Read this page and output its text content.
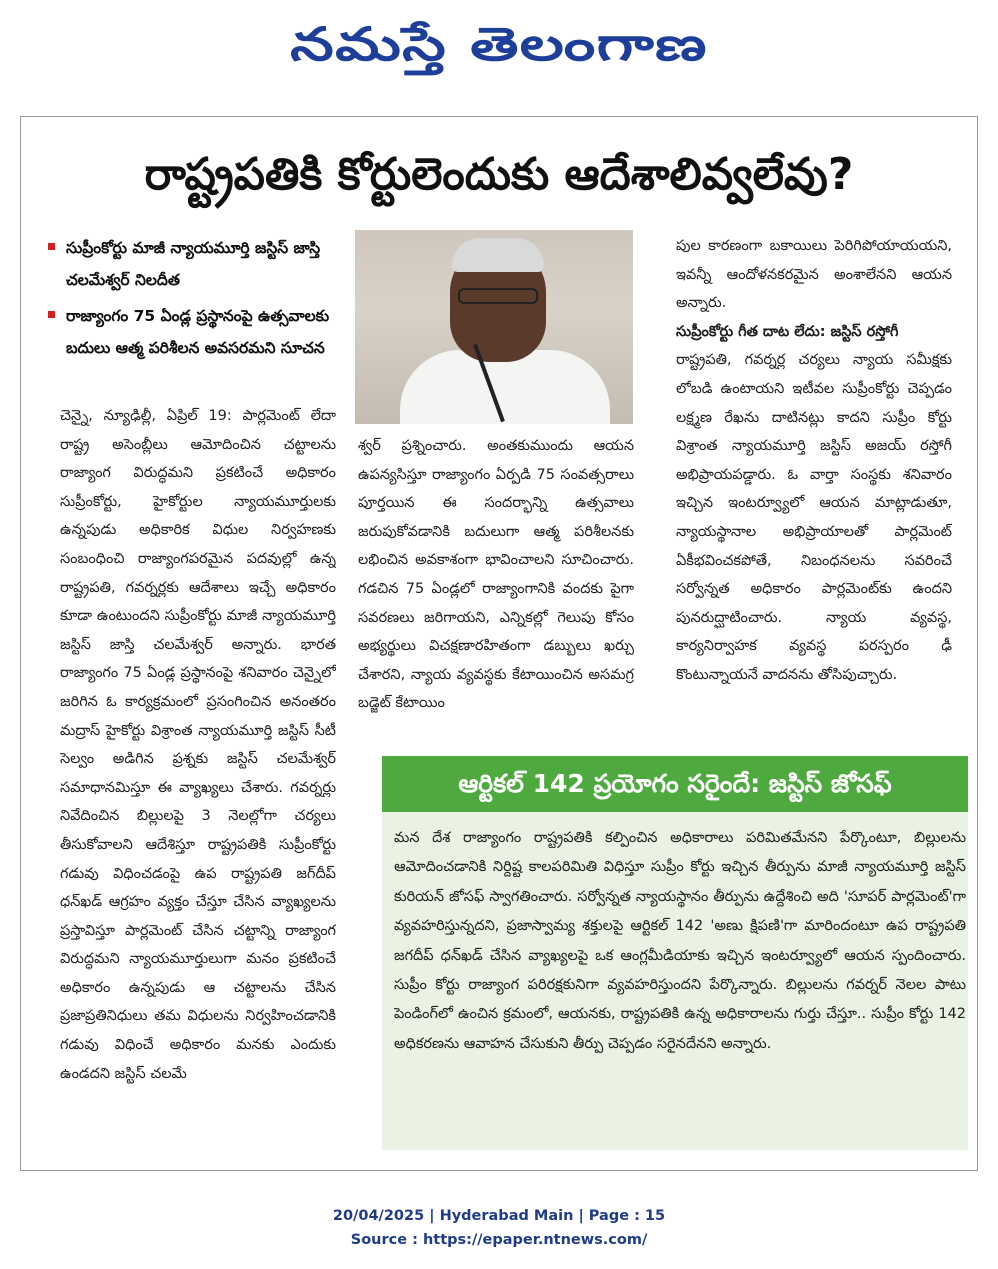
నమస్తే తెలంగాణ
రాష్ట్రపతికి కోర్టులెందుకు ఆదేశాలివ్వలేవు?
సుప్రీంకోర్టు మాజీ న్యాయమూర్తి జస్టిస్ జాస్తి చలమేశ్వర్ నిలదీత
రాజ్యాంగం 75 ఏండ్ల ప్రస్థానంపై ఉత్సవాలకు బదులు ఆత్మ పరిశీలన అవసరమని సూచన

చెన్నై, న్యూఢిల్లీ, ఏప్రిల్ 19: పార్లమెంట్ లేదా రాష్ట్ర అసెంబ్లీలు ఆమోదించిన చట్టాలను రాజ్యాంగ విరుద్ధమని ప్రకటించే అధికారం సుప్రీంకోర్టు, హైకోర్టుల న్యాయమూర్తులకు ఉన్నపుడు అధికారిక విధుల నిర్వహణకు సంబంధించి రాజ్యాంగపరమైన పదవుల్లో ఉన్న రాష్ట్రపతి, గవర్నర్లకు ఆదేశాలు ఇచ్చే అధికారం కూడా ఉంటుందని సుప్రీంకోర్టు మాజీ న్యాయమూర్తి జస్టిస్ జాస్తి చలమేశ్వర్ అన్నారు. భారత రాజ్యాంగం 75 ఏండ్ల ప్రస్థానంపై శనివారం చెన్నైలో జరిగిన ఓ కార్యక్రమంలో ప్రసంగించిన అనంతరం మద్రాస్ హైకోర్టు విశ్రాంత న్యాయమూర్తి జస్టిస్ సీటీ సెల్వం అడిగిన ప్రశ్నకు జస్టిస్ చలమేశ్వర్ సమాధానమిస్తూ ఈ వ్యాఖ్యలు చేశారు. గవర్నర్లు నివేదించిన బిల్లులపై 3 నెలల్లోగా చర్యలు తీసుకోవాలని ఆదేశిస్తూ రాష్ట్రపతికి సుప్రీంకోర్టు గడువు విధించడంపై ఉప రాష్ట్రపతి జగ్‌దీప్ ధన్‌ఖడ్ ఆగ్రహం వ్యక్తం చేస్తూ చేసిన వ్యాఖ్యలను ప్రస్తావిస్తూ పార్లమెంట్ చేసిన చట్టాన్ని రాజ్యాంగ విరుద్ధమని న్యాయమూర్తులుగా మనం ప్రకటించే అధికారం ఉన్నపుడు ఆ చట్టాలను చేసిన ప్రజాప్రతినిధులు తమ విధులను నిర్వహించడానికి గడువు విధించే అధికారం మనకు ఎందుకు ఉండదని జస్టిస్ చలమే

శ్వర్ ప్రశ్నించారు. అంతకుముందు ఆయన ఉపన్యసిస్తూ రాజ్యాంగం ఏర్పడి 75 సంవత్సరాలు పూర్తయిన ఈ సందర్భాన్ని ఉత్సవాలు జరుపుకోవడానికి బదులుగా ఆత్మ పరిశీలనకు లభించిన అవకాశంగా భావించాలని సూచించారు. గడచిన 75 ఏండ్లలో రాజ్యాంగానికి వందకు పైగా సవరణలు జరిగాయని, ఎన్నికల్లో గెలుపు కోసం అభ్యర్థులు విచక్షణారహితంగా డబ్బులు ఖర్చు చేశారని, న్యాయ వ్యవస్థకు కేటాయించిన అసమగ్ర బడ్జెట్ కేటాయిం

పుల కారణంగా బకాయిలు పెరిగిపోయాయయని, ఇవన్నీ ఆందోళనకరమైన అంశాలేనని ఆయన అన్నారు.

సుప్రీంకోర్టు గీత దాట లేదు: జస్టిస్ రస్తోగీ

రాష్ట్రపతి, గవర్నర్ల చర్యలు న్యాయ సమీక్షకు లోబడి ఉంటాయని ఇటీవల సుప్రీంకోర్టు చెప్పడం లక్ష్మణ రేఖను దాటినట్లు కాదని సుప్రీం కోర్టు విశ్రాంత న్యాయమూర్తి జస్టిస్ అజయ్ రస్తోగీ అభిప్రాయపడ్డారు. ఓ వార్తా సంస్థకు శనివారం ఇచ్చిన ఇంటర్వ్యూలో ఆయన మాట్లాడుతూ, న్యాయస్థానాల అభిప్రాయాలతో పార్లమెంట్ ఏకీభవించకపోతే, నిబంధనలను సవరించే సర్వోన్నత అధికారం పార్లమెంట్‌కు ఉందని పునరుద్ఘాటించారు. న్యాయ వ్యవస్థ, కార్యనిర్వాహక వ్యవస్థ పరస్పరం ఢీ కొంటున్నాయనే వాదనను తోసిపుచ్చారు.

ఆర్టికల్ 142 ప్రయోగం సరైందే: జస్టిస్ జోసఫ్
మన దేశ రాజ్యాంగం రాష్ట్రపతికి కల్పించిన అధికారాలు పరిమితమేనని పేర్కొంటూ, బిల్లులను ఆమోదించడానికి నిర్దిష్ట కాలపరిమితి విధిస్తూ సుప్రీం కోర్టు ఇచ్చిన తీర్పును మాజీ న్యాయమూర్తి జస్టిస్ కురియన్ జోసఫ్ స్వాగతించారు. సర్వోన్నత న్యాయస్థానం తీర్పును ఉద్దేశించి అది 'సూపర్ పార్లమెంట్'గా వ్యవహరిస్తున్నదని, ప్రజాస్వామ్య శక్తులపై ఆర్టికల్ 142 'అణు క్షిపణి'గా మారిందంటూ ఉప రాష్ట్రపతి జగదీప్ ధన్‌ఖడ్ చేసిన వ్యాఖ్యలపై ఒక ఆంగ్లమీడియాకు ఇచ్చిన ఇంటర్వ్యూలో ఆయన స్పందించారు. సుప్రీం కోర్టు రాజ్యాంగ పరిరక్షకునిగా వ్యవహరిస్తుందని పేర్కొన్నారు. బిల్లులను గవర్నర్ నెలల పాటు పెండింగ్‌లో ఉంచిన క్రమంలో, ఆయనకు, రాష్ట్రపతికి ఉన్న అధికారాలను గుర్తు చేస్తూ.. సుప్రీం కోర్టు 142 అధికరణను ఆవాహన చేసుకుని తీర్పు చెప్పడం సరైనదేనని అన్నారు.
20/04/2025 | Hyderabad Main | Page : 15
Source : https://epaper.ntnews.com/
